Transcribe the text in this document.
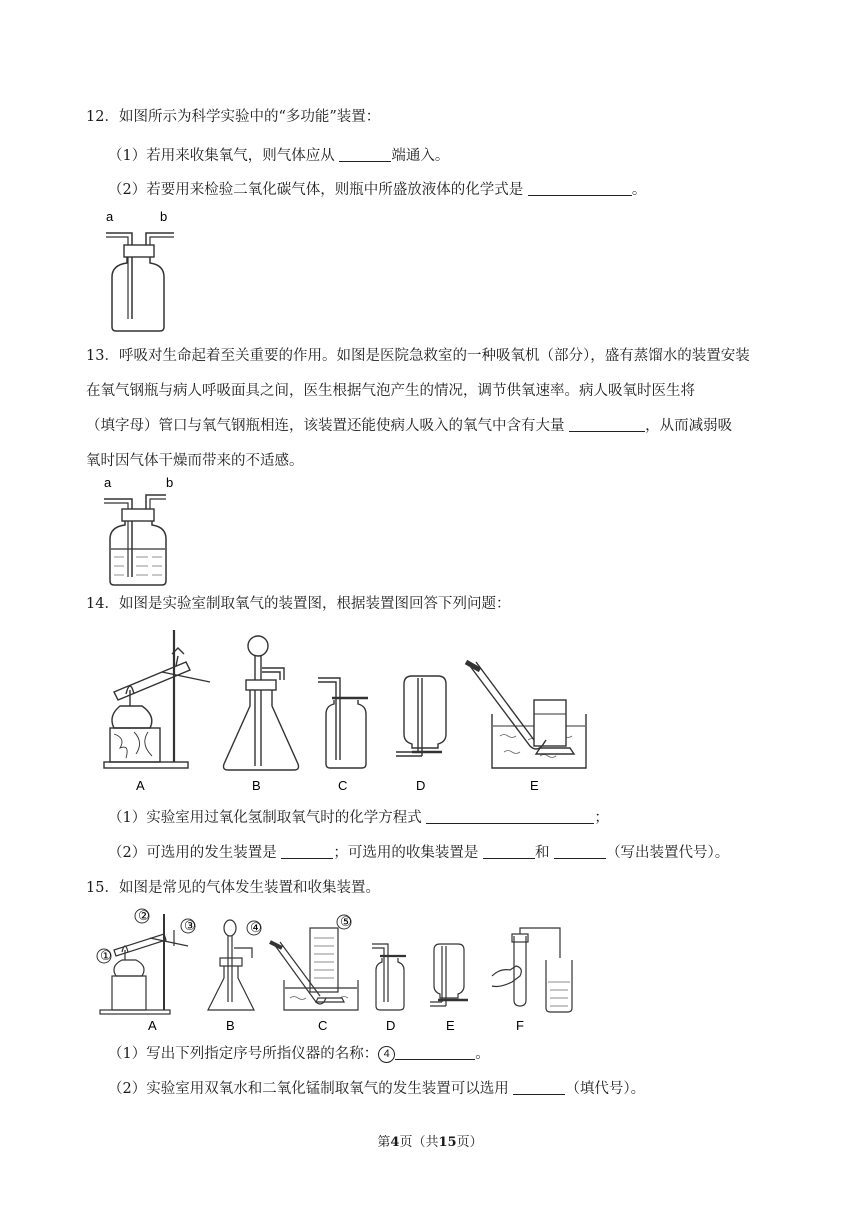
12．如图所示为科学实验中的“多功能”装置：
（1）若用来收集氧气，则气体应从	端通入。
（2）若要用来检验二氧化碳气体，则瓶中所盛放液体的化学式是	。
a	b
13．呼吸对生命起着至关重要的作用。如图是医院急救室的一种吸氧机（部分），盛有蒸馏水的装置安装
在氧气钢瓶与病人呼吸面具之间，医生根据气泡产生的情况，调节供氧速率。病人吸氧时医生将
（填字母）管口与氧气钢瓶相连，该装置还能使病人吸入的氧气中含有大量	，从而减弱吸
氧时因气体干燥而带来的不适感。
a	b
14．如图是实验室制取氧气的装置图，根据装置图回答下列问题：
A	B	C	D	E
（1）实验室用过氧化氢制取氧气时的化学方程式	；
（2）可选用的发生装置是	；可选用的收集装置是	和	（写出装置代号）。
15．如图是常见的气体发生装置和收集装置。
②
③
①
A
④
B
⑤
C	D	E	F
（1）写出下列指定序号所指仪器的名称： 4	。
（2）实验室用双氧水和二氧化锰制取氧气的发生装置可以选用	（填代号）。
第4页（共15页）
